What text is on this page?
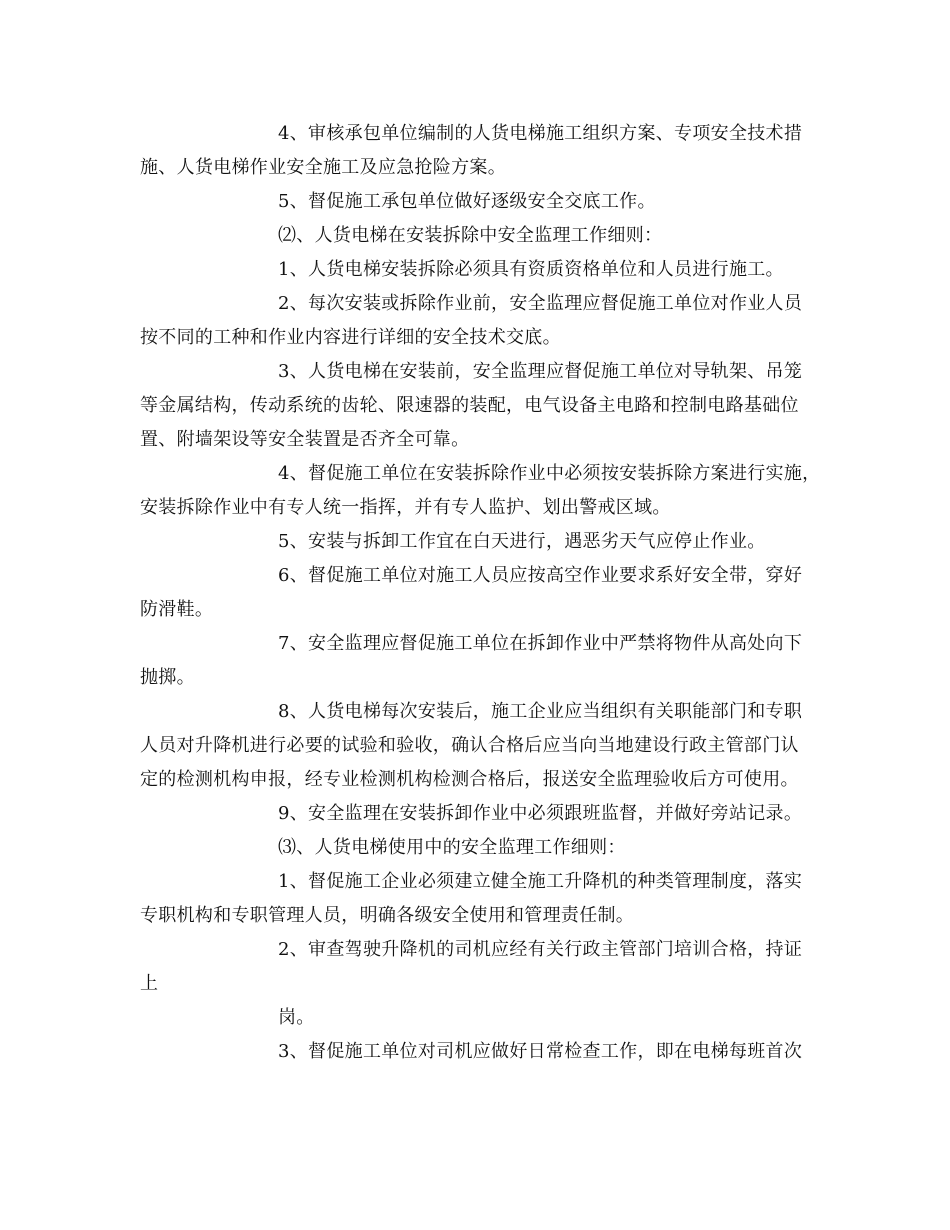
4、审核承包单位编制的人货电梯施工组织方案、专项安全技术措
施、人货电梯作业安全施工及应急抢险方案。
5、督促施工承包单位做好逐级安全交底工作。
⑵、人货电梯在安装拆除中安全监理工作细则：
1、人货电梯安装拆除必须具有资质资格单位和人员进行施工。
2、每次安装或拆除作业前，安全监理应督促施工单位对作业人员
按不同的工种和作业内容进行详细的安全技术交底。
3、人货电梯在安装前，安全监理应督促施工单位对导轨架、吊笼
等金属结构，传动系统的齿轮、限速器的装配，电气设备主电路和控制电路基础位
置、附墙架设等安全装置是否齐全可靠。
4、督促施工单位在安装拆除作业中必须按安装拆除方案进行实施，
安装拆除作业中有专人统一指挥，并有专人监护、划出警戒区域。
5、安装与拆卸工作宜在白天进行，遇恶劣天气应停止作业。
6、督促施工单位对施工人员应按高空作业要求系好安全带，穿好
防滑鞋。
7、安全监理应督促施工单位在拆卸作业中严禁将物件从高处向下
抛掷。
8、人货电梯每次安装后，施工企业应当组织有关职能部门和专职
人员对升降机进行必要的试验和验收，确认合格后应当向当地建设行政主管部门认
定的检测机构申报，经专业检测机构检测合格后，报送安全监理验收后方可使用。
9、安全监理在安装拆卸作业中必须跟班监督，并做好旁站记录。
⑶、人货电梯使用中的安全监理工作细则：
1、督促施工企业必须建立健全施工升降机的种类管理制度，落实
专职机构和专职管理人员，明确各级安全使用和管理责任制。
2、审查驾驶升降机的司机应经有关行政主管部门培训合格，持证
上
岗。
3、督促施工单位对司机应做好日常检查工作，即在电梯每班首次
